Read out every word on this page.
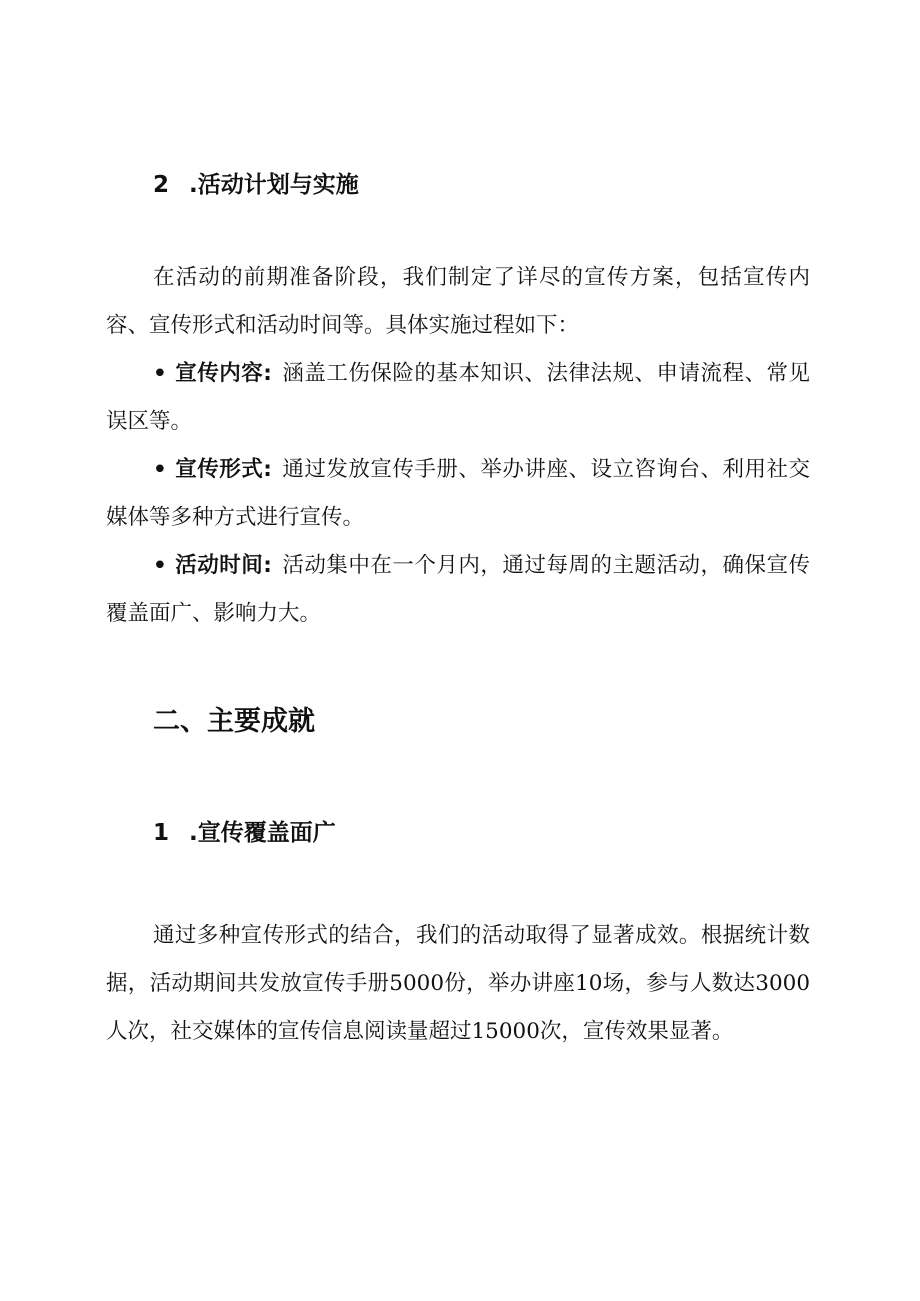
2 .活动计划与实施

在活动的前期准备阶段，我们制定了详尽的宣传方案，包括宣传内容、宣传形式和活动时间等。具体实施过程如下：

• 宣传内容: 涵盖工伤保险的基本知识、法律法规、申请流程、常见误区等。

• 宣传形式: 通过发放宣传手册、举办讲座、设立咨询台、利用社交媒体等多种方式进行宣传。

• 活动时间: 活动集中在一个月内，通过每周的主题活动，确保宣传覆盖面广、影响力大。

二、主要成就
1 .宣传覆盖面广

通过多种宣传形式的结合，我们的活动取得了显著成效。根据统计数据，活动期间共发放宣传手册5000份，举办讲座10场，参与人数达3000人次，社交媒体的宣传信息阅读量超过15000次，宣传效果显著。
